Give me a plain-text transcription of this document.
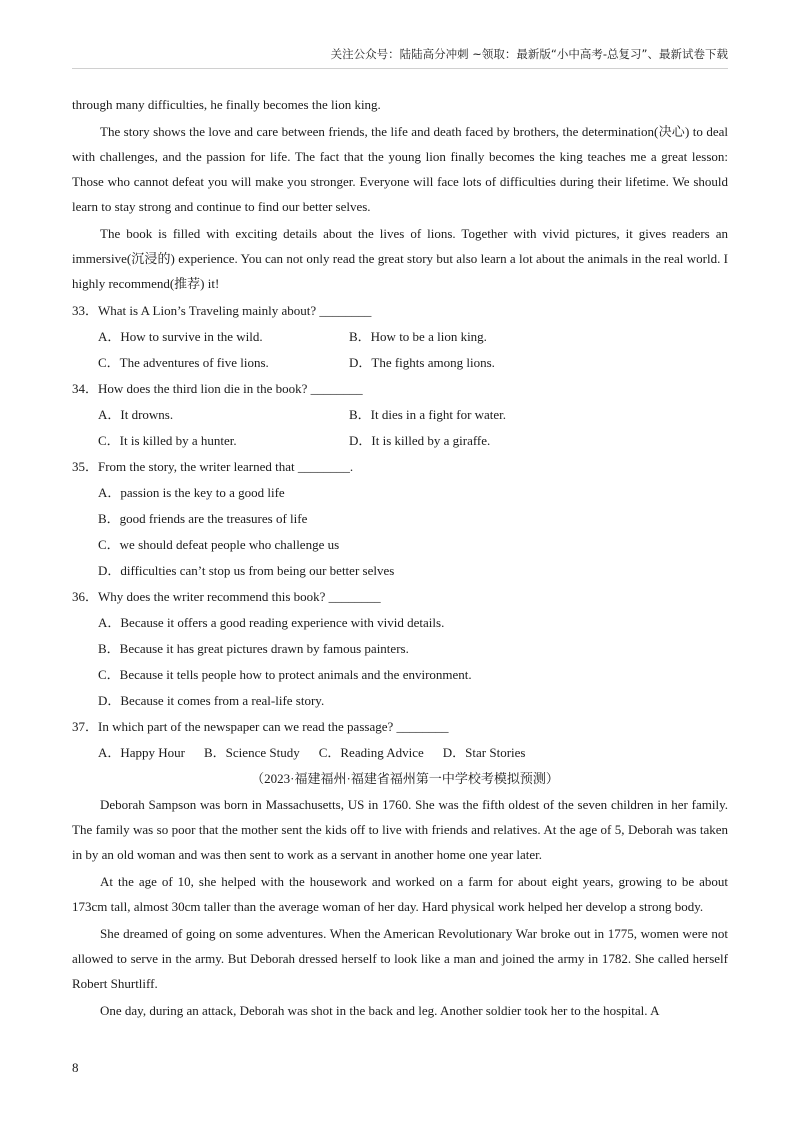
关注公众号：陆陆高分冲刺 ~领取：最新版“小中高考-总复习”、最新试卷下载

through many difficulties, he finally becomes the lion king.

The story shows the love and care between friends, the life and death faced by brothers, the determination(决心) to deal with challenges, and the passion for life. The fact that the young lion finally becomes the king teaches me a great lesson: Those who cannot defeat you will make you stronger. Everyone will face lots of difficulties during their lifetime. We should learn to stay strong and continue to find our better selves.

The book is filled with exciting details about the lives of lions. Together with vivid pictures, it gives readers an immersive(沉浸的) experience. You can not only read the great story but also learn a lot about the animals in the real world. I highly recommend(推荐) it!

33．What is A Lion’s Traveling mainly about? ________

A．How to survive in the wild.	B．How to be a lion king.
C．The adventures of five lions.	D．The fights among lions.

34．How does the third lion die in the book? ________

A．It drowns.	B．It dies in a fight for water.
C．It is killed by a hunter.	D．It is killed by a giraffe.

35．From the story, the writer learned that ________.

A．passion is the key to a good life
B．good friends are the treasures of life
C．we should defeat people who challenge us
D．difficulties can’t stop us from being our better selves

36．Why does the writer recommend this book? ________

A．Because it offers a good reading experience with vivid details.
B．Because it has great pictures drawn by famous painters.
C．Because it tells people how to protect animals and the environment.
D．Because it comes from a real-life story.

37．In which part of the newspaper can we read the passage? ________

A．Happy Hour B．Science Study C．Reading Advice D．Star Stories
（2023·福建福州·福建省福州第一中学校考模拟预测）

Deborah Sampson was born in Massachusetts, US in 1760. She was the fifth oldest of the seven children in her family. The family was so poor that the mother sent the kids off to live with friends and relatives. At the age of 5, Deborah was taken in by an old woman and was then sent to work as a servant in another home one year later.

At the age of 10, she helped with the housework and worked on a farm for about eight years, growing to be about 173cm tall, almost 30cm taller than the average woman of her day. Hard physical work helped her develop a strong body.

She dreamed of going on some adventures. When the American Revolutionary War broke out in 1775, women were not allowed to serve in the army. But Deborah dressed herself to look like a man and joined the army in 1782. She called herself Robert Shurtliff.

One day, during an attack, Deborah was shot in the back and leg. Another soldier took her to the hospital. A

8
